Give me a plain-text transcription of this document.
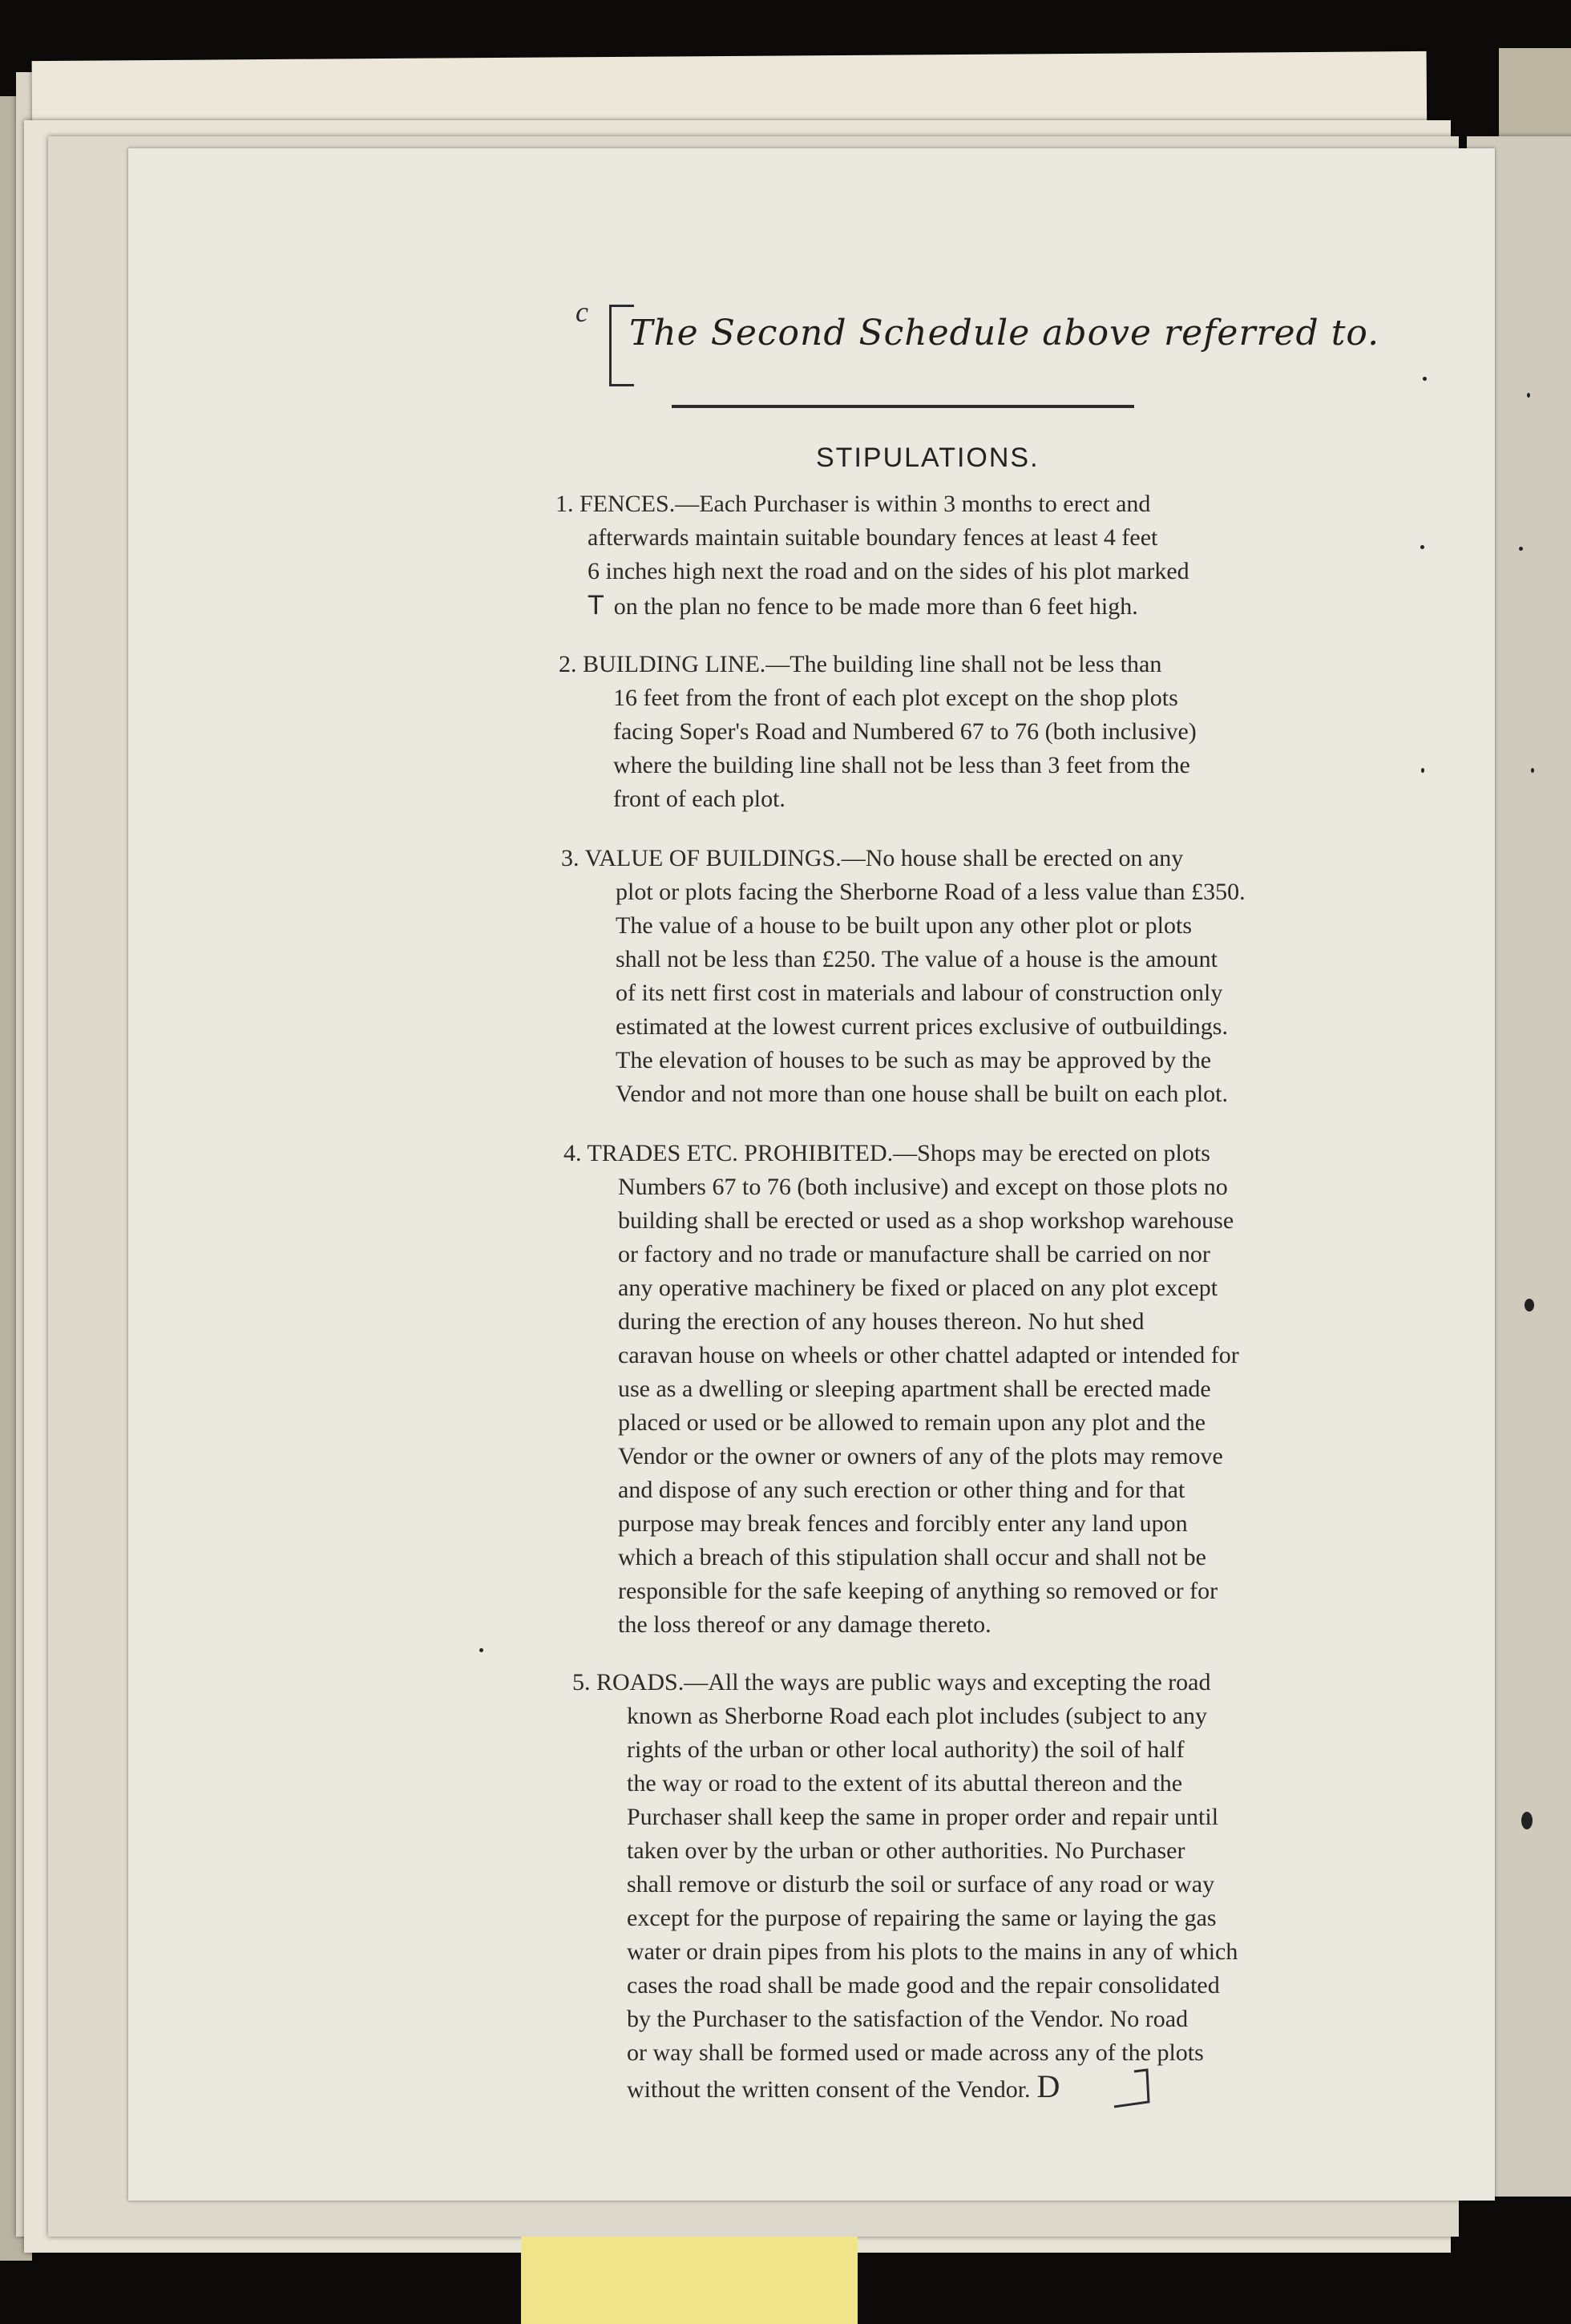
c
The Second Schedule above referred to.
STIPULATIONS.
1. FENCES.—Each Purchaser is within 3 months to erect and
afterwards maintain suitable boundary fences at least 4 feet
6 inches high next the road and on the sides of his plot marked
T on the plan no fence to be made more than 6 feet high.
2. BUILDING LINE.—The building line shall not be less than
16 feet from the front of each plot except on the shop plots
facing Soper's Road and Numbered 67 to 76 (both inclusive)
where the building line shall not be less than 3 feet from the
front of each plot.
3. VALUE OF BUILDINGS.—No house shall be erected on any
plot or plots facing the Sherborne Road of a less value than £350.
The value of a house to be built upon any other plot or plots
shall not be less than £250. The value of a house is the amount
of its nett first cost in materials and labour of construction only
estimated at the lowest current prices exclusive of outbuildings.
The elevation of houses to be such as may be approved by the
Vendor and not more than one house shall be built on each plot.
4. TRADES ETC. PROHIBITED.—Shops may be erected on plots
Numbers 67 to 76 (both inclusive) and except on those plots no
building shall be erected or used as a shop workshop warehouse
or factory and no trade or manufacture shall be carried on nor
any operative machinery be fixed or placed on any plot except
during the erection of any houses thereon. No hut shed
caravan house on wheels or other chattel adapted or intended for
use as a dwelling or sleeping apartment shall be erected made
placed or used or be allowed to remain upon any plot and the
Vendor or the owner or owners of any of the plots may remove
and dispose of any such erection or other thing and for that
purpose may break fences and forcibly enter any land upon
which a breach of this stipulation shall occur and shall not be
responsible for the safe keeping of anything so removed or for
the loss thereof or any damage thereto.
5. ROADS.—All the ways are public ways and excepting the road
known as Sherborne Road each plot includes (subject to any
rights of the urban or other local authority) the soil of half
the way or road to the extent of its abuttal thereon and the
Purchaser shall keep the same in proper order and repair until
taken over by the urban or other authorities. No Purchaser
shall remove or disturb the soil or surface of any road or way
except for the purpose of repairing the same or laying the gas
water or drain pipes from his plots to the mains in any of which
cases the road shall be made good and the repair consolidated
by the Purchaser to the satisfaction of the Vendor. No road
or way shall be formed used or made across any of the plots
without the written consent of the Vendor. D
